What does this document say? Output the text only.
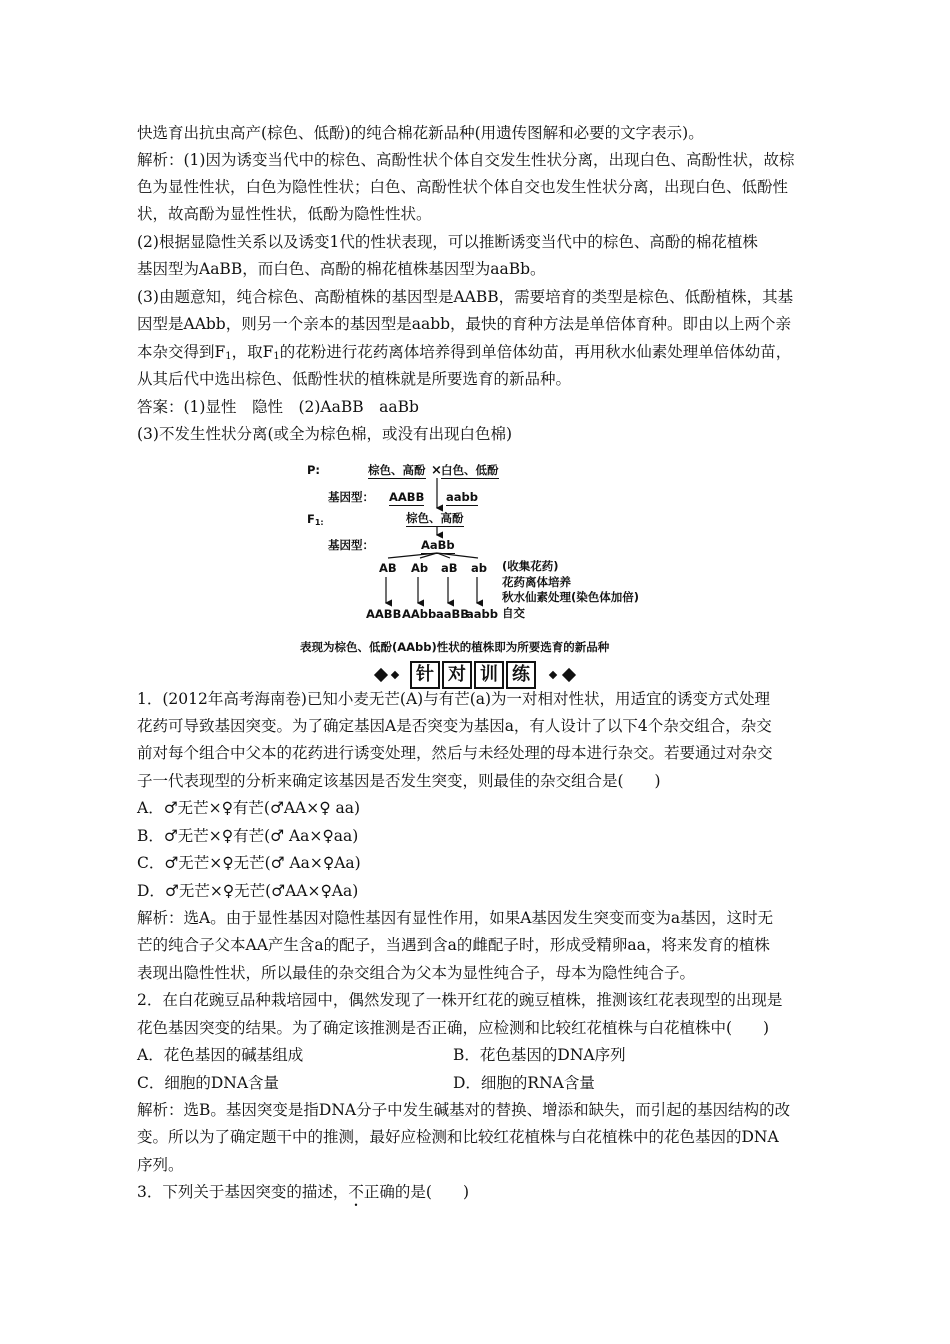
快选育出抗虫高产(棕色、低酚)的纯合棉花新品种(用遗传图解和必要的文字表示)。
解析：(1)因为诱变当代中的棕色、高酚性状个体自交发生性状分离，出现白色、高酚性状，故棕
色为显性性状，白色为隐性性状；白色、高酚性状个体自交也发生性状分离，出现白色、低酚性
状，故高酚为显性性状，低酚为隐性性状。
(2)根据显隐性关系以及诱变1代的性状表现，可以推断诱变当代中的棕色、高酚的棉花植株
基因型为AaBB，而白色、高酚的棉花植株基因型为aaBb。
(3)由题意知，纯合棕色、高酚植株的基因型是AABB，需要培育的类型是棕色、低酚植株，其基
因型是AAbb，则另一个亲本的基因型是aabb，最快的育种方法是单倍体育种。即由以上两个亲
本杂交得到$F_1$，取$F_1$的花粉进行花药离体培养得到单倍体幼苗，再用秋水仙素处理单倍体幼苗，
从其后代中选出棕色、低酚性状的植株就是所要选育的新品种。
答案：(1)显性　隐性　(2)AaBB　aaBb
(3)不发生性状分离(或全为棕色棉，或没有出现白色棉)
P:	棕色、高酚 × 白色、低酚
基因型： AABB aabb
$F_{1:}$	棕色、高酚
基因型：	AaBb
AB Ab aB ab (收集花药)
花药离体培养
秋水仙素处理(染色体加倍)
自交
AABB AAbb aaBB
aabb
表现为棕色、低酚(AAbb)性状的植株即为所要选育的新品种
针 对 训 练
1．(2012年高考海南卷)已知小麦无芒(A)与有芒(a)为一对相对性状，用适宜的诱变方式处理
花药可导致基因突变。为了确定基因A是否突变为基因a，有人设计了以下4个杂交组合，杂交
前对每个组合中父本的花药进行诱变处理，然后与未经处理的母本进行杂交。若要通过对杂交
子一代表现型的分析来确定该基因是否发生突变，则最佳的杂交组合是(　　)
A．♂无芒×♀有芒(♂AA×♀ aa)
B．♂无芒×♀有芒(♂ Aa×♀aa)
C．♂无芒×♀无芒(♂ Aa×♀Aa)
D．♂无芒×♀无芒(♂AA×♀Aa)
解析：选A。由于显性基因对隐性基因有显性作用，如果A基因发生突变而变为a基因，这时无
芒的纯合子父本AA产生含a的配子，当遇到含a的雌配子时，形成受精卵aa，将来发育的植株
表现出隐性性状，所以最佳的杂交组合为父本为显性纯合子，母本为隐性纯合子。
2．在白花豌豆品种栽培园中，偶然发现了一株开红花的豌豆植株，推测该红花表现型的出现是
花色基因突变的结果。为了确定该推测是否正确，应检测和比较红花植株与白花植株中(　　)
A．花色基因的碱基组成	B．花色基因的DNA序列
C．细胞的DNA含量	D．细胞的RNA含量
解析：选B。基因突变是指DNA分子中发生碱基对的替换、增添和缺失，而引起的基因结构的改
变。所以为了确定题干中的推测，最好应检测和比较红花植株与白花植株中的花色基因的DNA
序列。
3．下列关于基因突变的描述，不正确的是(　　)
